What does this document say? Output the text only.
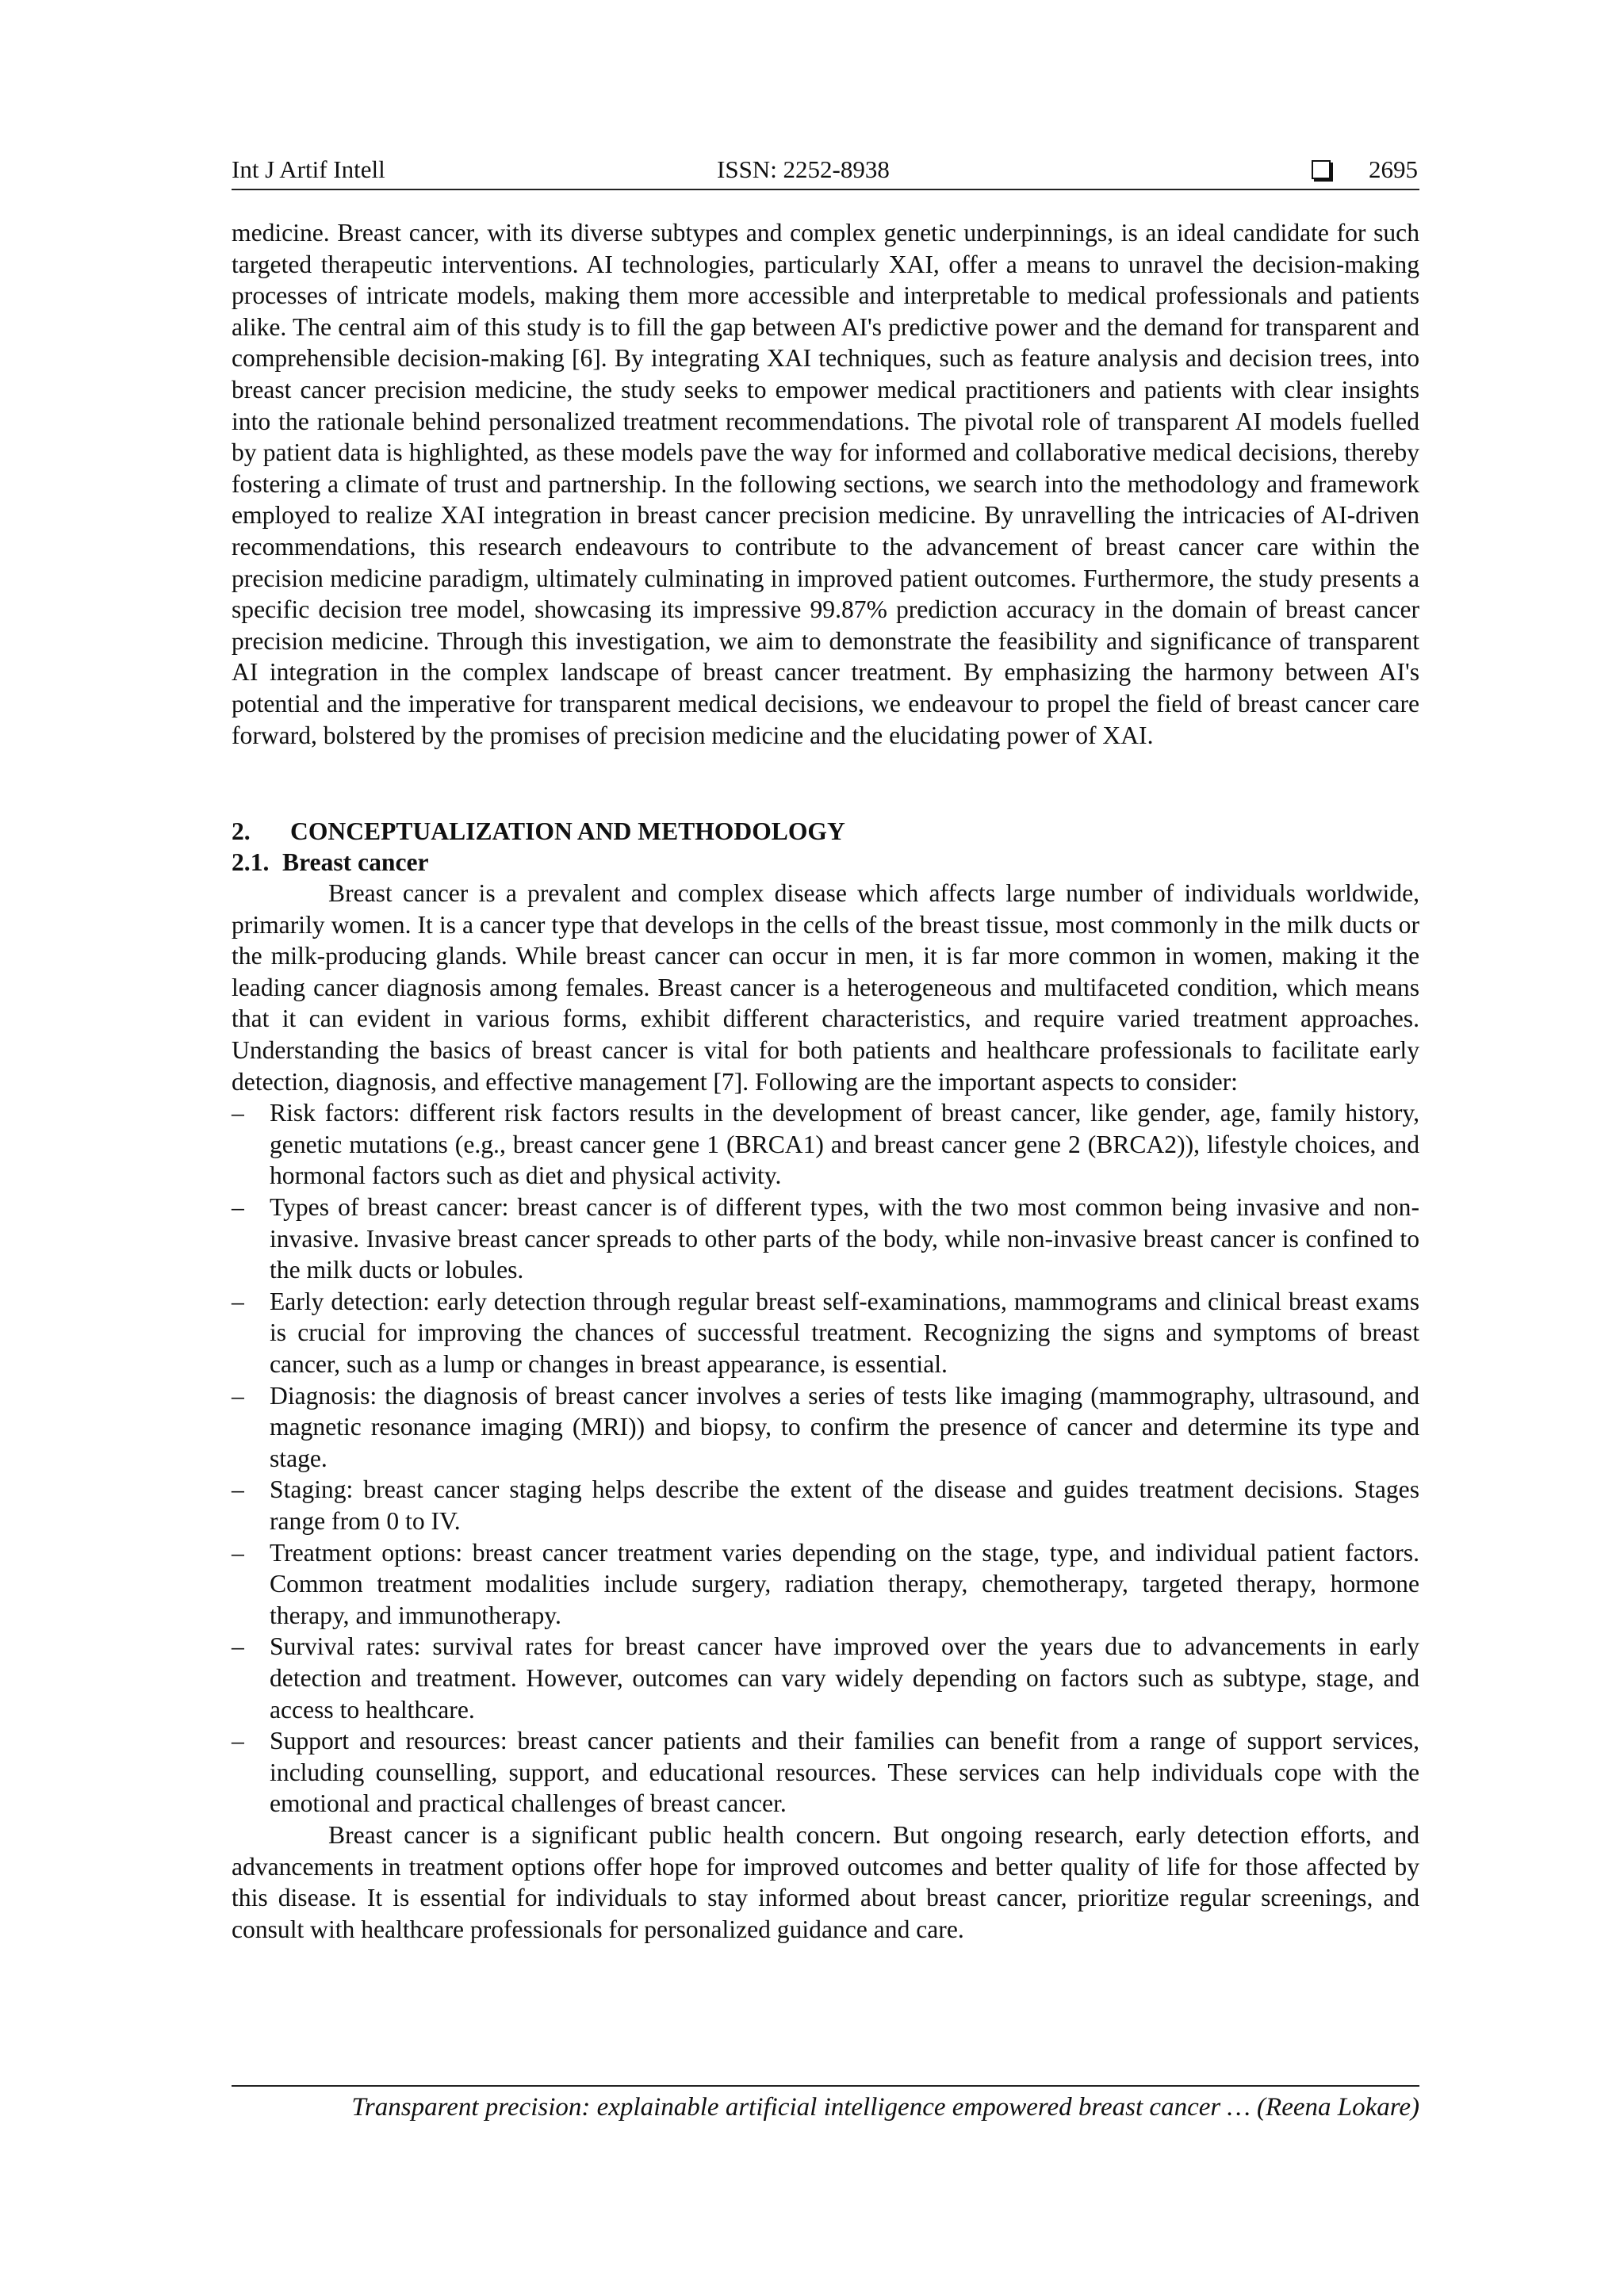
Int J Artif Intell	ISSN: 2252-8938	2695

medicine. Breast cancer, with its diverse subtypes and complex genetic underpinnings, is an ideal candidate for such targeted therapeutic interventions. AI technologies, particularly XAI, offer a means to unravel the decision-making processes of intricate models, making them more accessible and interpretable to medical professionals and patients alike. The central aim of this study is to fill the gap between AI's predictive power and the demand for transparent and comprehensible decision-making [6]. By integrating XAI techniques, such as feature analysis and decision trees, into breast cancer precision medicine, the study seeks to empower medical practitioners and patients with clear insights into the rationale behind personalized treatment recommendations. The pivotal role of transparent AI models fuelled by patient data is highlighted, as these models pave the way for informed and collaborative medical decisions, thereby fostering a climate of trust and partnership. In the following sections, we search into the methodology and framework employed to realize XAI integration in breast cancer precision medicine. By unravelling the intricacies of AI-driven recommendations, this research endeavours to contribute to the advancement of breast cancer care within the precision medicine paradigm, ultimately culminating in improved patient outcomes. Furthermore, the study presents a specific decision tree model, showcasing its impressive 99.87% prediction accuracy in the domain of breast cancer precision medicine. Through this investigation, we aim to demonstrate the feasibility and significance of transparent AI integration in the complex landscape of breast cancer treatment. By emphasizing the harmony between AI's potential and the imperative for transparent medical decisions, we endeavour to propel the field of breast cancer care forward, bolstered by the promises of precision medicine and the elucidating power of XAI.

2. CONCEPTUALIZATION AND METHODOLOGY

2.1. Breast cancer

Breast cancer is a prevalent and complex disease which affects large number of individuals worldwide, primarily women. It is a cancer type that develops in the cells of the breast tissue, most commonly in the milk ducts or the milk-producing glands. While breast cancer can occur in men, it is far more common in women, making it the leading cancer diagnosis among females. Breast cancer is a heterogeneous and multifaceted condition, which means that it can evident in various forms, exhibit different characteristics, and require varied treatment approaches. Understanding the basics of breast cancer is vital for both patients and healthcare professionals to facilitate early detection, diagnosis, and effective management [7]. Following are the important aspects to consider:

– Risk factors: different risk factors results in the development of breast cancer, like gender, age, family history, genetic mutations (e.g., breast cancer gene 1 (BRCA1) and breast cancer gene 2 (BRCA2)), lifestyle choices, and hormonal factors such as diet and physical activity.
– Types of breast cancer: breast cancer is of different types, with the two most common being invasive and non-invasive. Invasive breast cancer spreads to other parts of the body, while non-invasive breast cancer is confined to the milk ducts or lobules.
– Early detection: early detection through regular breast self-examinations, mammograms and clinical breast exams is crucial for improving the chances of successful treatment. Recognizing the signs and symptoms of breast cancer, such as a lump or changes in breast appearance, is essential.
– Diagnosis: the diagnosis of breast cancer involves a series of tests like imaging (mammography, ultrasound, and magnetic resonance imaging (MRI)) and biopsy, to confirm the presence of cancer and determine its type and stage.
– Staging: breast cancer staging helps describe the extent of the disease and guides treatment decisions. Stages range from 0 to IV.
– Treatment options: breast cancer treatment varies depending on the stage, type, and individual patient factors. Common treatment modalities include surgery, radiation therapy, chemotherapy, targeted therapy, hormone therapy, and immunotherapy.
– Survival rates: survival rates for breast cancer have improved over the years due to advancements in early detection and treatment. However, outcomes can vary widely depending on factors such as subtype, stage, and access to healthcare.
– Support and resources: breast cancer patients and their families can benefit from a range of support services, including counselling, support, and educational resources. These services can help individuals cope with the emotional and practical challenges of breast cancer.

Breast cancer is a significant public health concern. But ongoing research, early detection efforts, and advancements in treatment options offer hope for improved outcomes and better quality of life for those affected by this disease. It is essential for individuals to stay informed about breast cancer, prioritize regular screenings, and consult with healthcare professionals for personalized guidance and care.

Transparent precision: explainable artificial intelligence empowered breast cancer … (Reena Lokare)
